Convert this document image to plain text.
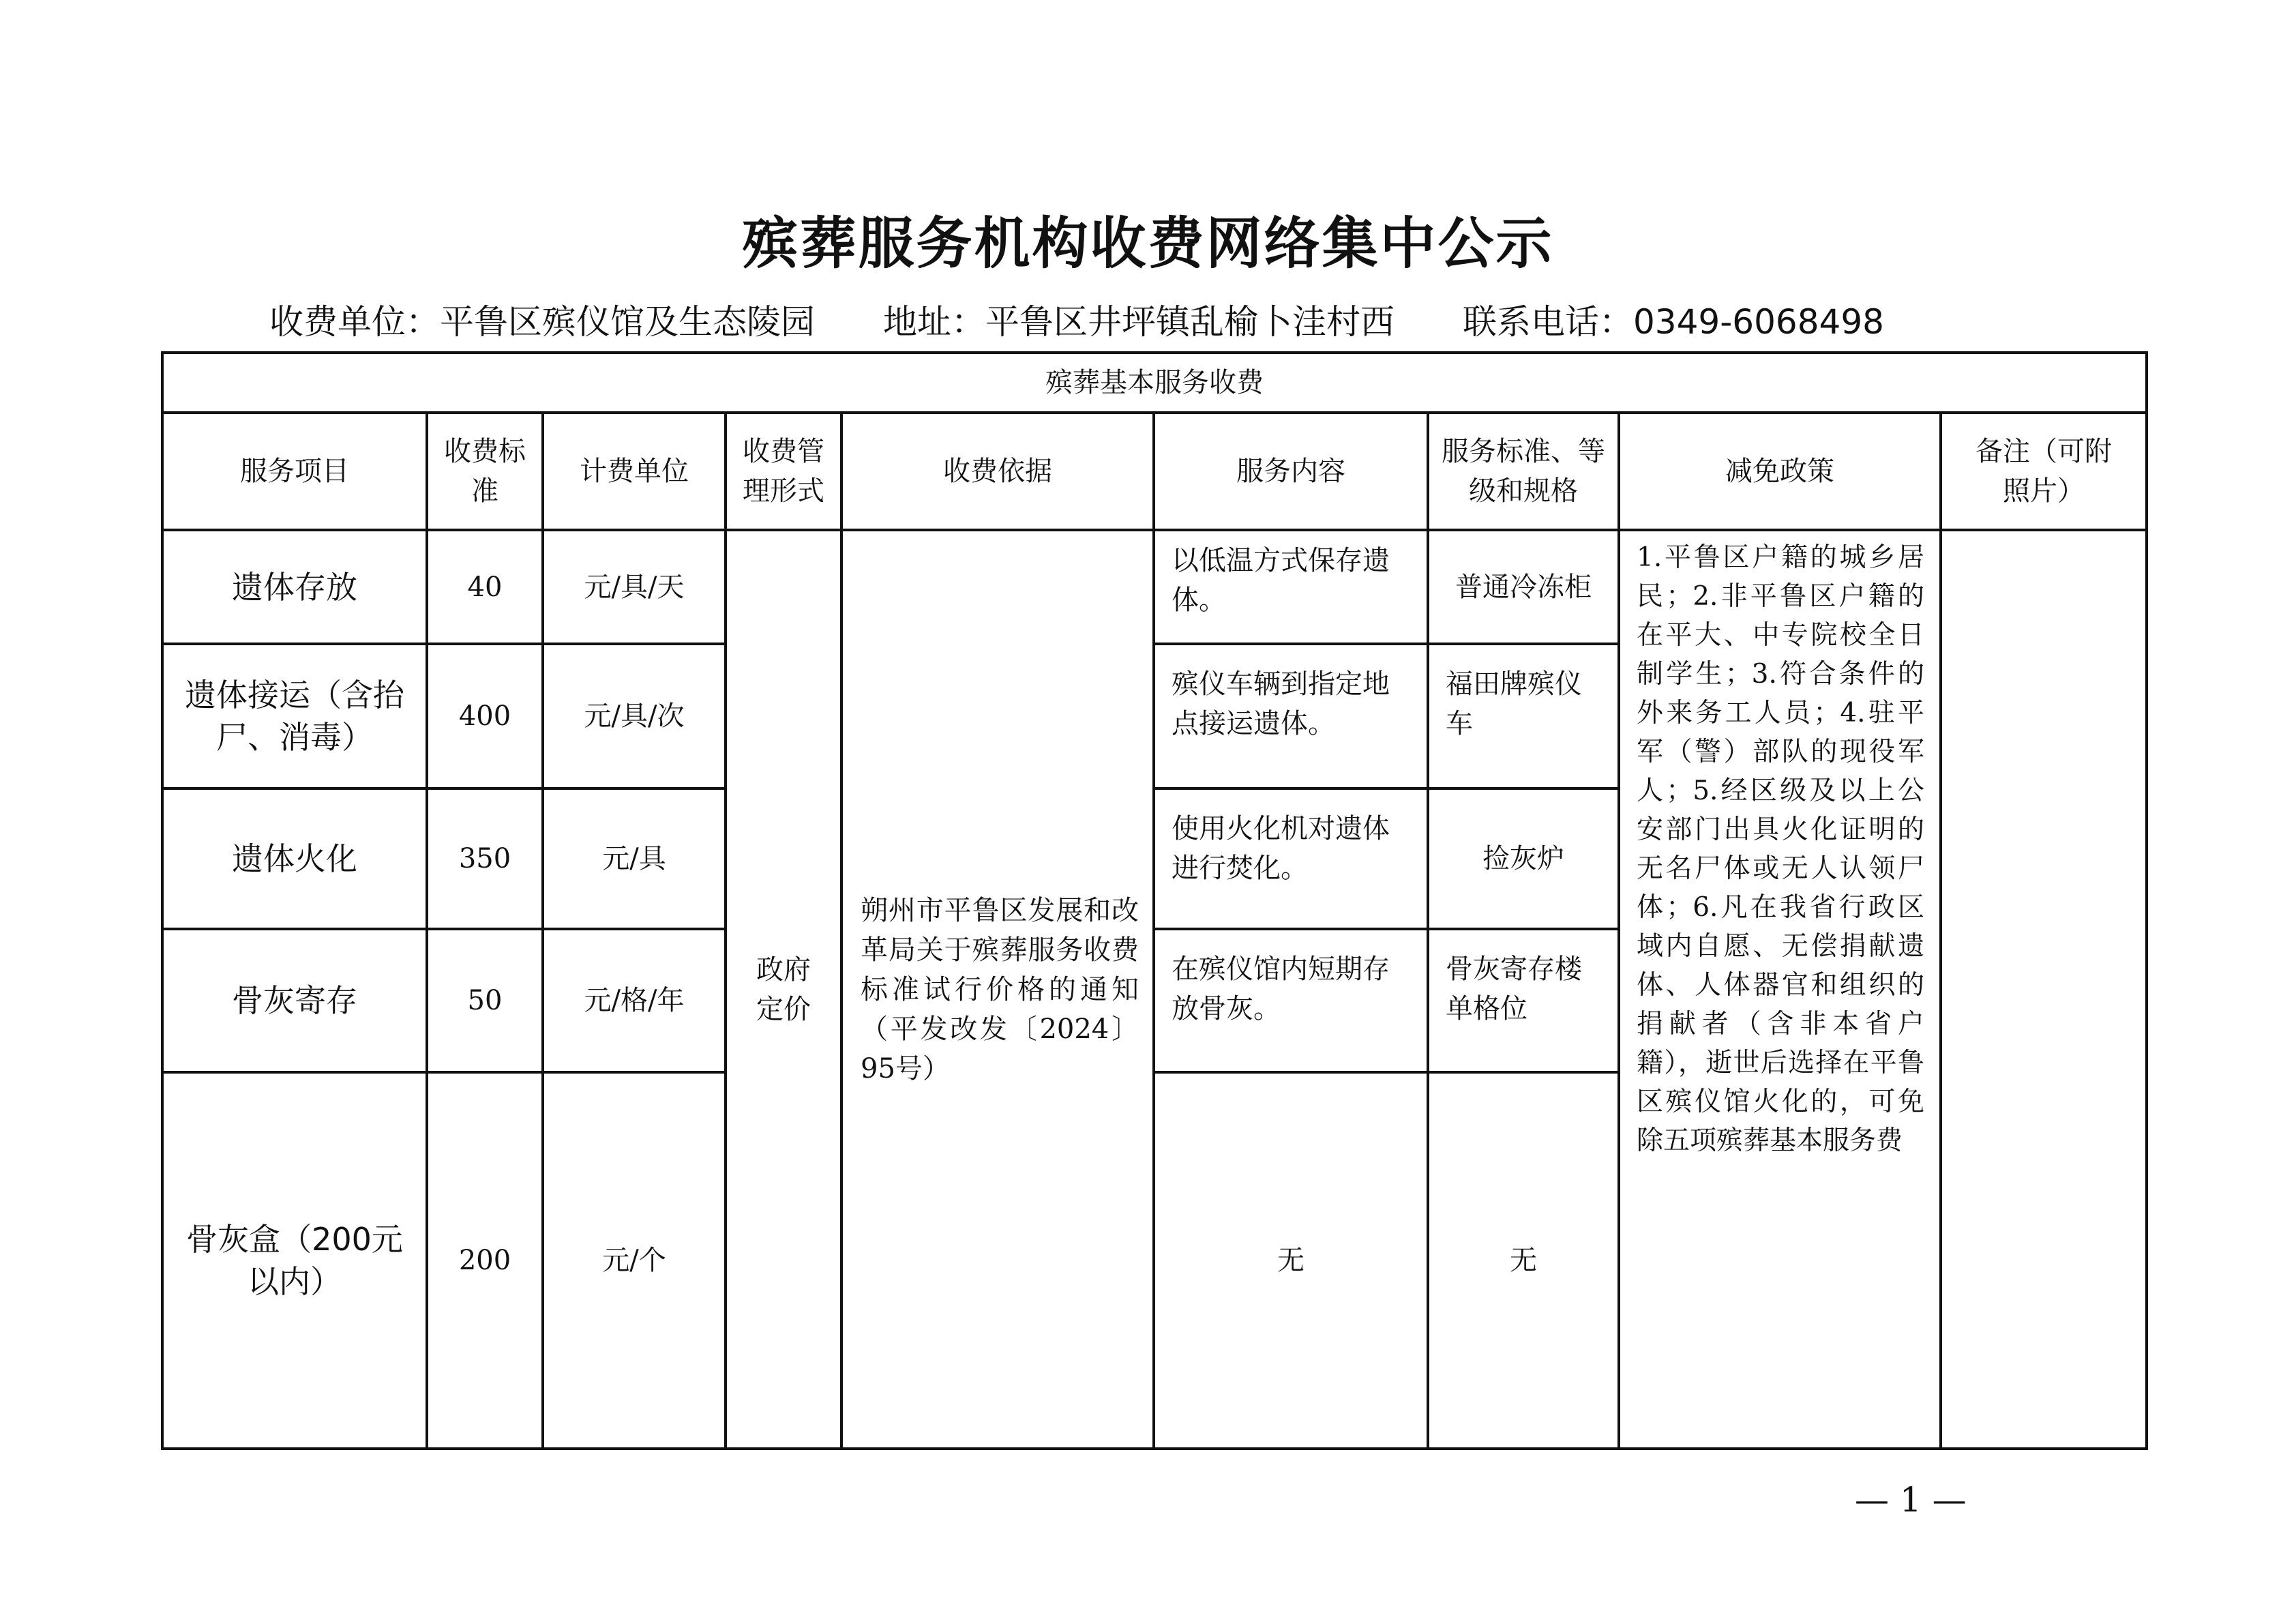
殡葬服务机构收费网络集中公示
收费单位：平鲁区殡仪馆及生态陵园 地址：平鲁区井坪镇乱榆卜洼村西 联系电话：0349-6068498
殡葬基本服务收费								
服务项目	收费标准	计费单位	收费管理形式	收费依据	服务内容	服务标准、等级和规格	减免政策	备注（可附照片）
遗体存放	40	元/具/天	政府定价	朔州市平鲁区发展和改革局关于殡葬服务收费标准试行价格的通知（平发改发〔2024〕95号）	以低温方式保存遗体。	普通冷冻柜	1.平鲁区户籍的城乡居民；2.非平鲁区户籍的在平大、中专院校全日制学生；3.符合条件的外来务工人员；4.驻平军（警）部队的现役军人；5.经区级及以上公安部门出具火化证明的无名尸体或无人认领尸体；6.凡在我省行政区域内自愿、无偿捐献遗体、人体器官和组织的捐献者（含非本省户籍），逝世后选择在平鲁区殡仪馆火化的，可免除五项殡葬基本服务费	
遗体接运（含抬尸、消毒）	400	元/具/次			殡仪车辆到指定地点接运遗体。	福田牌殡仪车		
遗体火化	350	元/具			使用火化机对遗体进行焚化。	捡灰炉		
骨灰寄存	50	元/格/年			在殡仪馆内短期存放骨灰。	骨灰寄存楼单格位		
骨灰盒（200元以内）	200	元/个			无	无		
— 1 —
